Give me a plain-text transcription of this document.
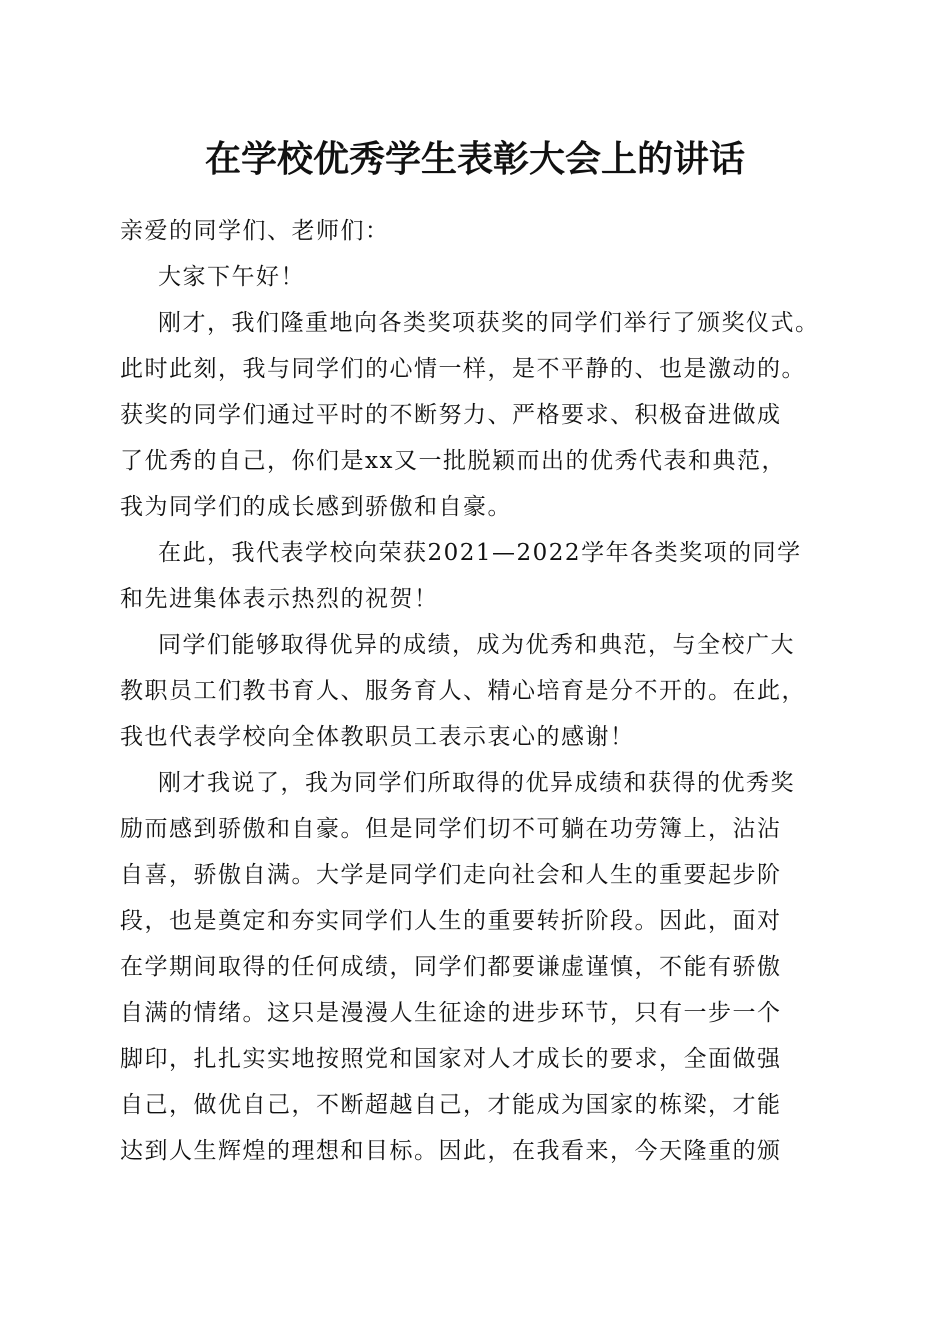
在学校优秀学生表彰大会上的讲话
亲爱的同学们、老师们：
大家下午好！
刚才，我们隆重地向各类奖项获奖的同学们举行了颁奖仪式。
此时此刻，我与同学们的心情一样，是不平静的、也是激动的。
获奖的同学们通过平时的不断努力、严格要求、积极奋进做成
了优秀的自己，你们是xx又一批脱颖而出的优秀代表和典范，
我为同学们的成长感到骄傲和自豪。
在此，我代表学校向荣获2021—2022学年各类奖项的同学
和先进集体表示热烈的祝贺！
同学们能够取得优异的成绩，成为优秀和典范，与全校广大
教职员工们教书育人、服务育人、精心培育是分不开的。在此，
我也代表学校向全体教职员工表示衷心的感谢！
刚才我说了，我为同学们所取得的优异成绩和获得的优秀奖
励而感到骄傲和自豪。但是同学们切不可躺在功劳簿上，沾沾
自喜，骄傲自满。大学是同学们走向社会和人生的重要起步阶
段，也是奠定和夯实同学们人生的重要转折阶段。因此，面对
在学期间取得的任何成绩，同学们都要谦虚谨慎，不能有骄傲
自满的情绪。这只是漫漫人生征途的进步环节，只有一步一个
脚印，扎扎实实地按照党和国家对人才成长的要求，全面做强
自己，做优自己，不断超越自己，才能成为国家的栋梁，才能
达到人生辉煌的理想和目标。因此，在我看来，今天隆重的颁
